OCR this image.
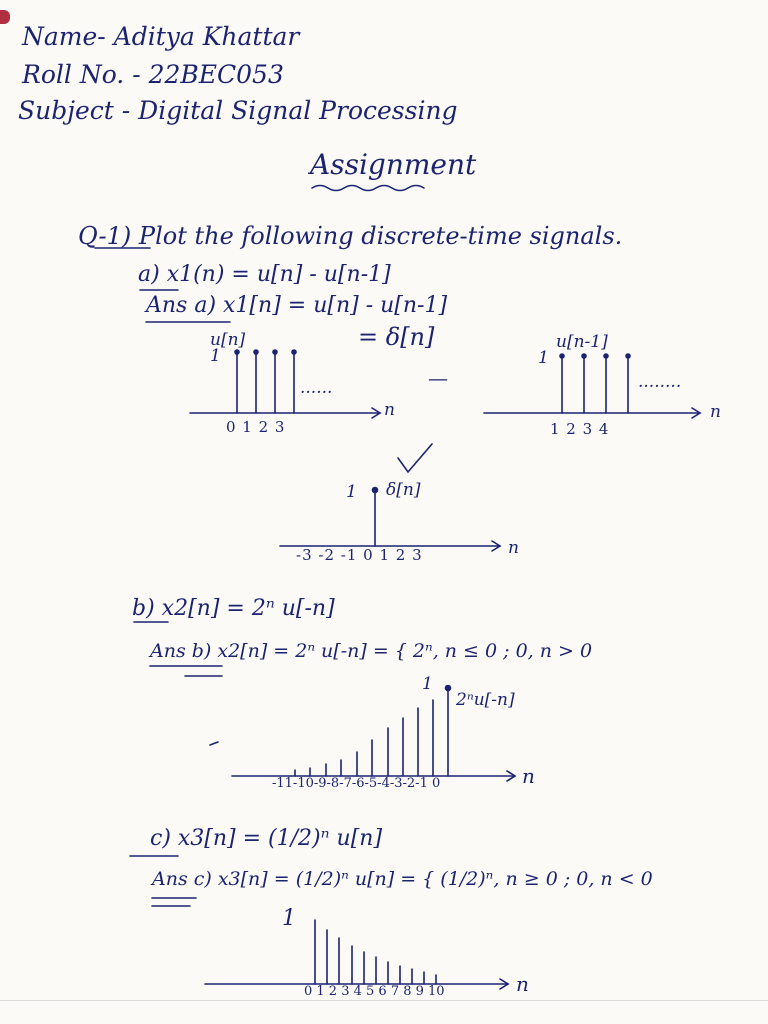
Name- Aditya Khattar
Roll No. - 22BEC053
Subject - Digital Signal Processing
Assignment
Q-1) Plot the following discrete-time signals.
a) x1(n) = u[n] - u[n-1]
Ans a) x1[n] = u[n] - u[n-1]
= δ[n]
u[n]
1
......
0 1 2 3
n
—
u[n-1]
1
........
1 2 3 4
n
δ[n]
1
-3 -2 -1 0 1 2 3	n
b) x2[n] = 2ⁿ u[-n]
Ans b) x2[n] = 2ⁿ u[-n] = { 2ⁿ, n ≤ 0 ; 0, n > 0
1
2ⁿu[-n]
-11-10-9-8-7-6-5-4-3-2-1 0	n
c) x3[n] = (1/2)ⁿ u[n]
Ans c) x3[n] = (1/2)ⁿ u[n] = { (1/2)ⁿ, n ≥ 0 ; 0, n < 0
1
0 1 2 3 4 5 6 7 8 9 10	n
